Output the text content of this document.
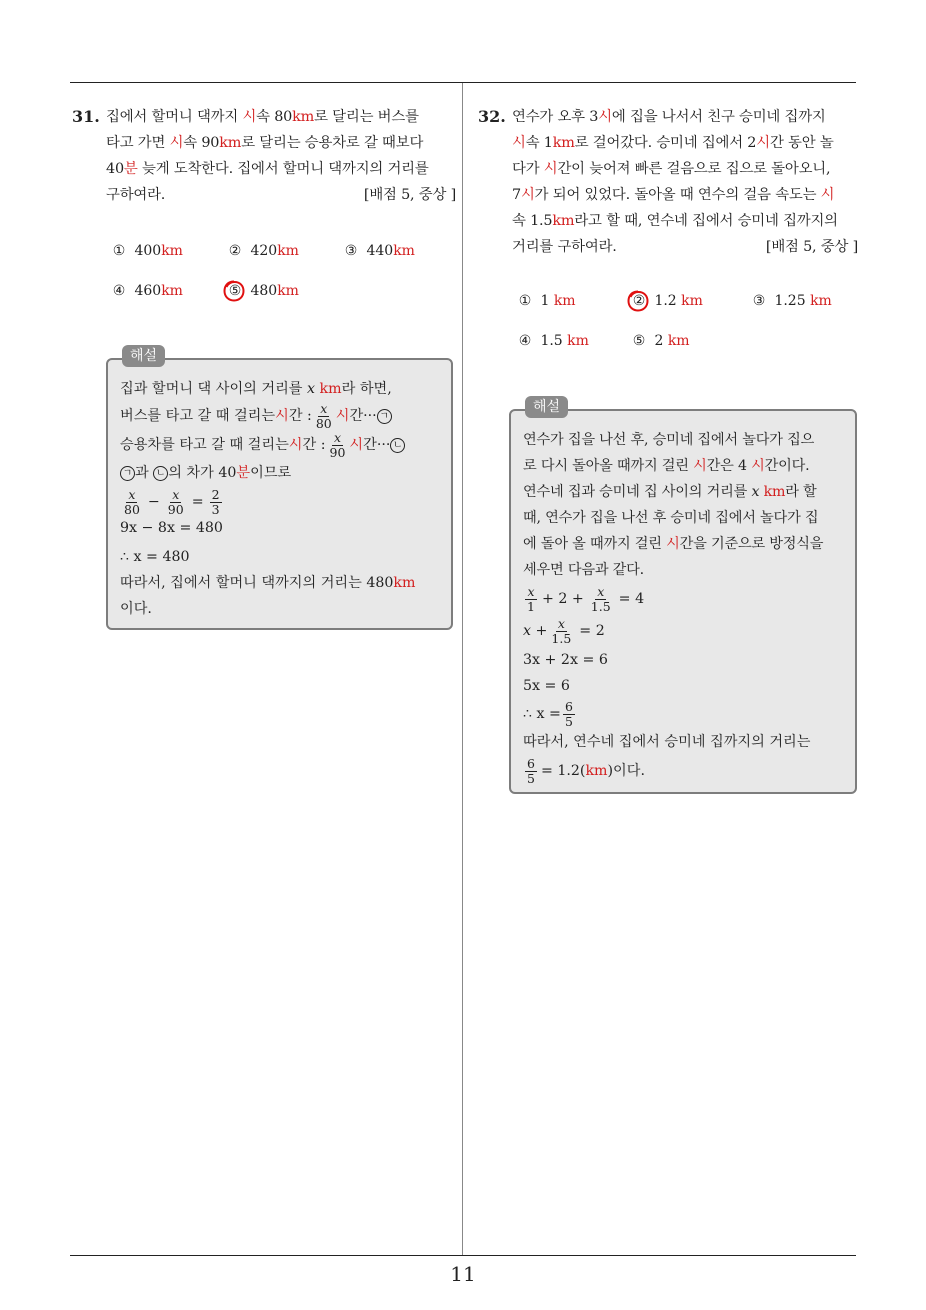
31. 집에서 할머니 댁까지 시속 80km로 달리는 버스를
타고 가면 시속 90km로 달리는 승용차로 갈 때보다
40분 늦게 도착한다. 집에서 할머니 댁까지의 거리를
구하여라.	[배점 5, 중상 ]
① 400km	② 420km	③ 440km
④ 460km	⑤ 480km
해설
집과 할머니 댁 사이의 거리를 x km라 하면,
버스를 타고 갈 때 걸리는 시 간 : $\frac{x}{80}$ 시 간··· ㄱ
승용차를 타고 갈 때 걸리는 시 간 : $\frac{x}{90}$ 시 간··· ㄴ
ㄱ 과 ㄴ 의 차가 40분이므로
$\frac{x}{80} - \frac{x}{90} = \frac{2}{3}$
9x − 8x = 480
∴ x = 480
따라서, 집에서 할머니 댁까지의 거리는 480km
이다.
32. 연수가 오후 3시에 집을 나서서 친구 승미네 집까지
시속 1km로 걸어갔다. 승미네 집에서 2시간 동안 놀
다가 시간이 늦어져 빠른 걸음으로 집으로 돌아오니,
7시가 되어 있었다. 돌아올 때 연수의 걸음 속도는 시
속 1.5km라고 할 때, 연수네 집에서 승미네 집까지의
거리를 구하여라.	[배점 5, 중상 ]
① 1 km	② 1.2 km	③ 1.25 km
④ 1.5 km	⑤ 2 km
해설
연수가 집을 나선 후, 승미네 집에서 놀다가 집으
로 다시 돌아올 때까지 걸린 시간은 4 시간이다.
연수네 집과 승미네 집 사이의 거리를 x km라 할
때, 연수가 집을 나선 후 승미네 집에서 놀다가 집
에 돌아 올 때까지 걸린 시간을 기준으로 방정식을
세우면 다음과 같다.
$\frac{x}{1} + 2 + \frac{x}{1.5} = 4$
$x + \frac{x}{1.5} = 2$
3x + 2x = 6
5x = 6
∴ $x = \frac{6}{5}$
따라서, 연수네 집에서 승미네 집까지의 거리는
$\frac{6}{5} = 1.2$( km )이다.
11
